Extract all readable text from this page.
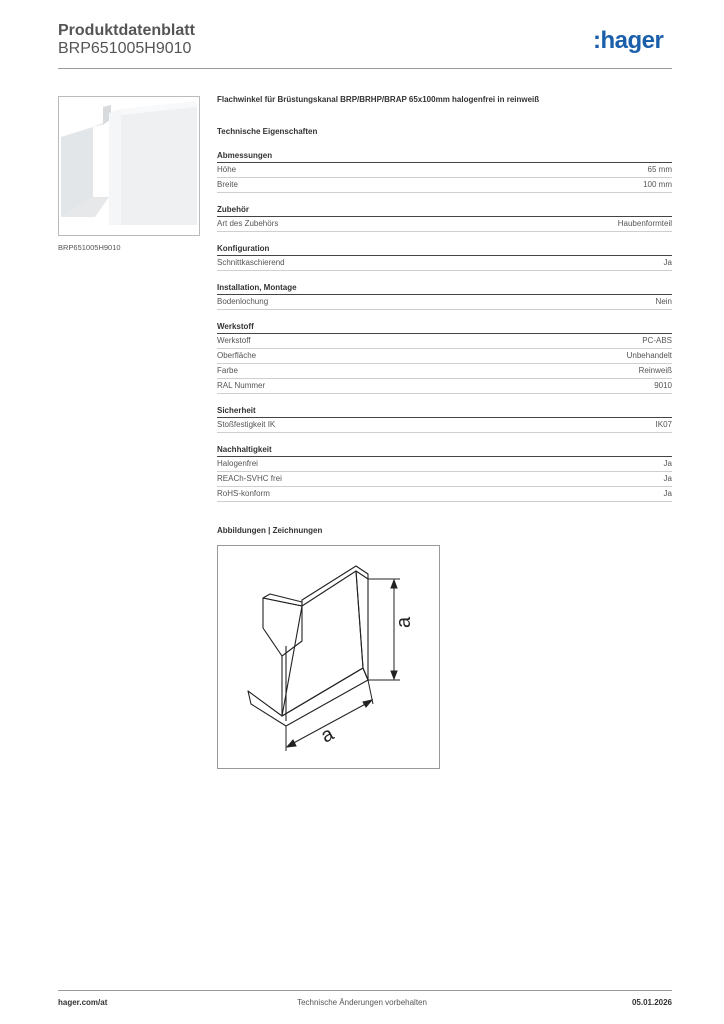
Produktdatenblatt
BRP651005H9010	:hager
BRP651005H9010
Flachwinkel für Brüstungskanal BRP/BRHP/BRAP 65x100mm halogenfrei in reinweiß
Technische Eigenschaften
Abmessungen
Höhe	65 mm
Breite	100 mm
Zubehör
Art des Zubehörs	Haubenformteil
Konfiguration
Schnittkaschierend	Ja
Installation, Montage
Bodenlochung	Nein
Werkstoff
Werkstoff	PC-ABS
Oberfläche	Unbehandelt
Farbe	Reinweiß
RAL Nummer	9010
Sicherheit
Stoßfestigkeit IK	IK07
Nachhaltigkeit
Halogenfrei	Ja
REACh-SVHC frei	Ja
RoHS-konform	Ja
Abbildungen | Zeichnungen
a
a
hager.com/at	Technische Änderungen vorbehalten	05.01.2026
